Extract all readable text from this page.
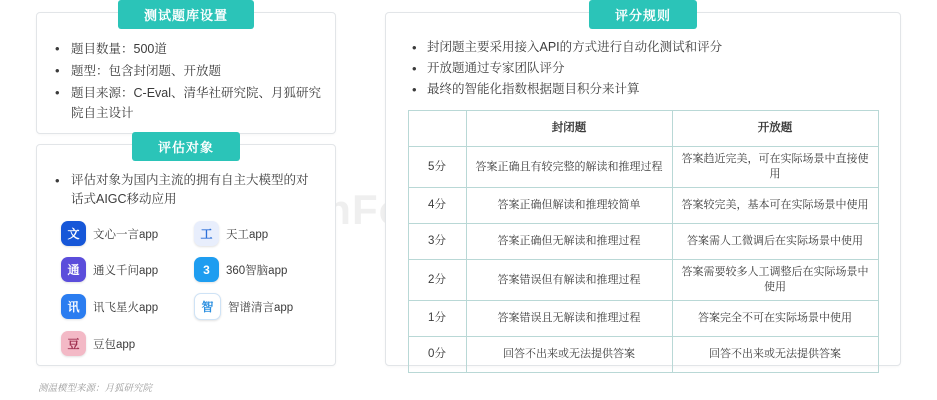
测试题库设置
• 题目数量：500道
• 题型：包含封闭题、开放题
• 题目来源：C-Eval、清华社研究院、月狐研究院自主设计
评估对象
• 评估对象为国内主流的拥有自主大模型的对话式AIGC移动应用
文	文心一言app	工	天工app
通	通义千问app	3	360智脑app
讯	讯飞星火app	智	智谱清言app
豆	豆包app
评分规则
• 封闭题主要采用接入API的方式进行自动化测试和评分
• 开放题通过专家团队评分
• 最终的智能化指数根据题目积分来计算
	封闭题	开放题
5分	答案正确且有较完整的解读和推理过程	答案趋近完美，可在实际场景中直接使用
4分	答案正确但解读和推理较简单	答案较完美，基本可在实际场景中使用
3分	答案正确但无解读和推理过程	答案需人工微调后在实际场景中使用
2分	答案错误但有解读和推理过程	答案需要较多人工调整后在实际场景中使用
1分	答案错误且无解读和推理过程	答案完全不可在实际场景中使用
0分	回答不出来或无法提供答案	回答不出来或无法提供答案
测温模型来源：月狐研究院
